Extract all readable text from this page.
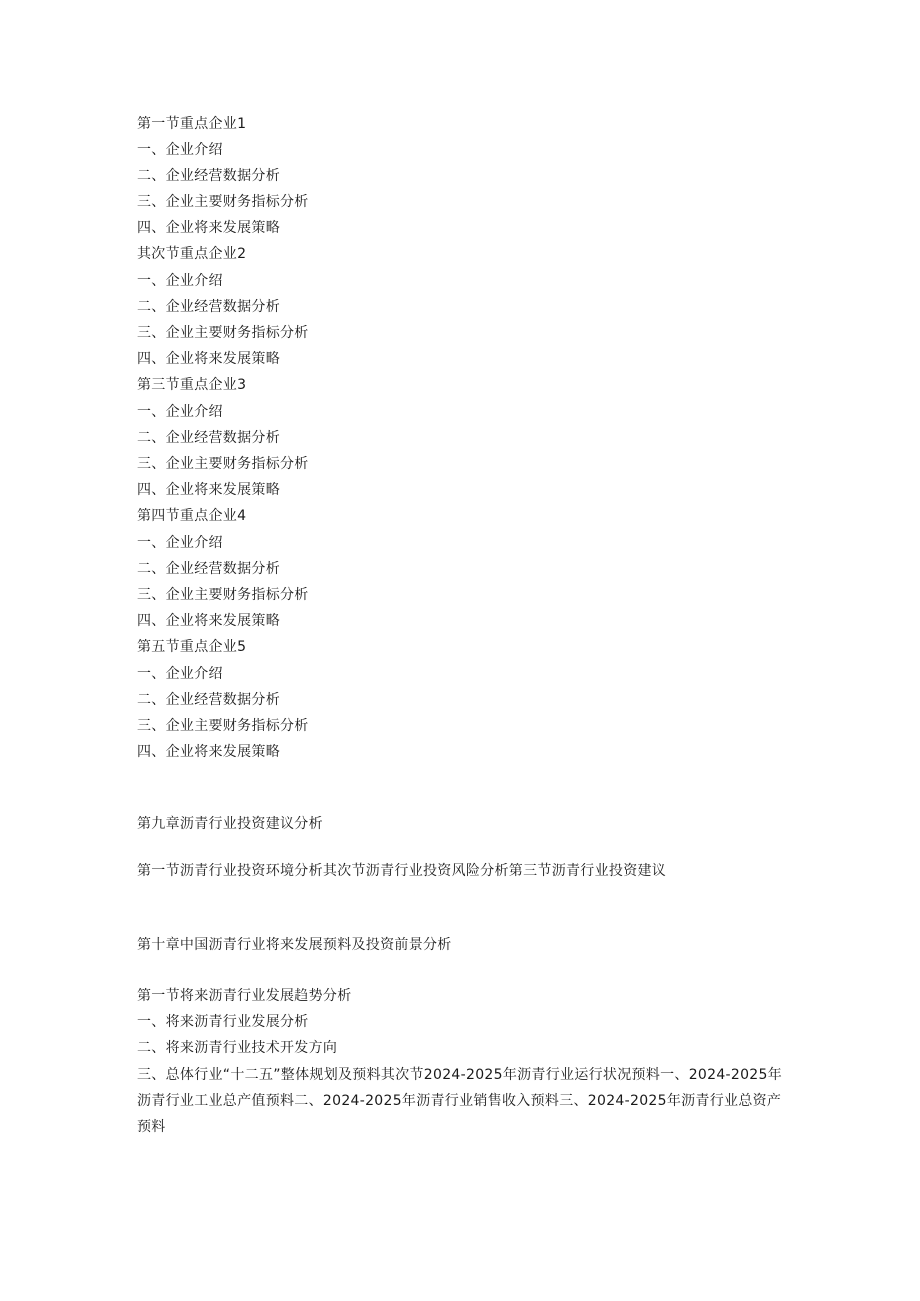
第一节重点企业1
一、企业介绍
二、企业经营数据分析
三、企业主要财务指标分析
四、企业将来发展策略
其次节重点企业2
一、企业介绍
二、企业经营数据分析
三、企业主要财务指标分析
四、企业将来发展策略
第三节重点企业3
一、企业介绍
二、企业经营数据分析
三、企业主要财务指标分析
四、企业将来发展策略
第四节重点企业4
一、企业介绍
二、企业经营数据分析
三、企业主要财务指标分析
四、企业将来发展策略
第五节重点企业5
一、企业介绍
二、企业经营数据分析
三、企业主要财务指标分析
四、企业将来发展策略
第九章沥青行业投资建议分析
第一节沥青行业投资环境分析其次节沥青行业投资风险分析第三节沥青行业投资建议
第十章中国沥青行业将来发展预料及投资前景分析
第一节将来沥青行业发展趋势分析
一、将来沥青行业发展分析
二、将来沥青行业技术开发方向
三、总体行业“十二五”整体规划及预料其次节2024-2025年沥青行业运行状况预料一、2024-2025年沥青行业工业总产值预料二、2024-2025年沥青行业销售收入预料三、2024-2025年沥青行业总资产预料
